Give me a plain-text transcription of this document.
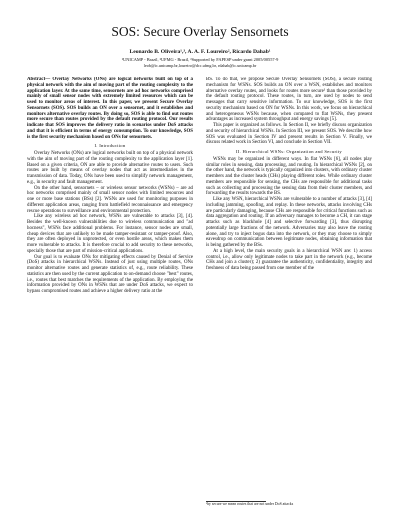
SOS: Secure Overlay Sensornets
Leonardo B. Oliveira¹,³, A. A. F. Loureiro², Ricardo Dahab¹
¹UNICAMP - Brazil, ²UFMG - Brazil, ³Supported by FAPESP under grant 2005/00557-9
leob@ic.unicamp.br,loureiro@dcc.ufmg.br, rdahab@ic.unicamp.br

Abstract— Overlay Networks (ONs) are logical networks built on top of a physical network with the aim of moving part of the routing complexity to the application layer. At the same time, sensornets are ad hoc networks comprised mainly of small sensor nodes with extremely limited resources which can be used to monitor areas of interest. In this paper, we present Secure Overlay Sensornets (SOS). SOS builds an ON over a sensornet, and it establishes and monitors alternative overlay routes. By doing so, SOS is able to find out routes more secure than routes provided by the default routing protocol. Our results indicate that SOS improves the delivery ratio in scenarios under DoS attacks and that it is efficient in terms of energy consumption. To our knowledge, SOS is the first security mechanism based on ONs for sensornets.

I. Introduction

Overlay Networks (ONs) are logical networks built on top of a physical network with the aim of moving part of the routing complexity to the application layer [1]. Based on a given criteria, ON are able to provide alternative routes to users. Such routes are built by means of overlay nodes that act as intermediaries in the transmission of data. Today, ONs have been used to simplify network management, e.g., in security and fault management.

On the other hand, sensornets – or wireless sensor networks (WSNs) – are ad hoc networks comprised mainly of small sensor nodes with limited resources and one or more base stations (BSs) [2]. WSNs are used for monitoring purposes in different application areas, ranging from battlefield reconnaissance and emergency rescue operations to surveillance and environmental protection.

Like any wireless ad hoc network, WSNs are vulnerable to attacks [3], [4]. Besides the well-known vulnerabilities due to wireless communication and "ad hocness", WSNs face additional problems. For instance, sensor nodes are small, cheap devices that are unlikely to be made tamper-resistant or tamper-proof. Also, they are often deployed in unprotected, or even hostile areas, which makes them more vulnerable to attacks. It is therefore crucial to add security to these networks, specially those that are part of mission-critical applications.

Our goal is to evaluate ONs for mitigating effects caused by Denial of Service (DoS) attacks in hierarchical WSNs. Instead of just using multiple routes, ONs monitor alternative routes and generate statistics of, e.g., route reliability. These statistics are then used by the current application to on-demand choose "best" routes, i.e., routes that best matches the requirements of the application. By employing the information provided by ONs in WSNs that are under DoS attacks, we expect to bypass compromised routes and achieve a higher delivery ratio at the

BS. To do that, we propose Secure Overlay Sensornets (SOS), a secure routing mechanism for WSNs. SOS builds an ON over a WSN, establishes and monitors alternative overlay routes, and looks for routes more secure¹ than those provided by the default routing protocol. These routes, in turn, are used by nodes to send messages that carry sensitive information. To our knowledge, SOS is the first security mechanism based on ON for WSNs. In this work, we focus on hierarchical and heterogeneous WSNs because, when compared to flat WSNs, they present advantages as increased system throughput and energy savings [5].

This paper is organized as follows. In Section II, we briefly discuss organization and security of hierarchical WSNs. In Section III, we present SOS. We describe how SOS was evaluated in Section IV and present results in Section V. Finally, we discuss related work in Section VI, and conclude in Section VII.

II. Hierarchical WSNs: Organization and Security

WSNs may be organized in different ways. In flat WSNs [6], all nodes play similar roles in sensing, data processing, and routing. In hierarchical WSNs [2], on the other hand, the network is typically organized into clusters, with ordinary cluster members and the cluster heads (CHs) playing different roles. While ordinary cluster members are responsible for sensing, the CHs are responsible for additional tasks such as collecting and processing the sensing data from their cluster members, and forwarding the results towards the BS.

Like any WSN, hierarchical WSNs are vulnerable to a number of attacks [3], [4] including jamming, spoofing, and replay. In these networks, attacks involving CHs are particularly damaging, because CHs are responsible for critical functions such as data aggregation and routing. If an adversary manages to become a CH, it can stage attacks such as blackhole [4] and selective forwarding [3], thus disrupting potentially large fractions of the network. Adversaries may also leave the routing alone, and try to inject bogus data into the network, or they may choose to simply eavesdrop on communication between legitimate nodes, obtaining information that is being gathered by the BSs.

At a high level, the main security goals in a hierarchical WSN are: 1) access control, i.e., allow only legitimate nodes to take part in the network (e.g., become CHs and join a cluster); 2) guarantee the authenticity, confidentiality, integrity and freshness of data being passed from one member of the

¹by secure we mean routes that are not under DoS attacks
